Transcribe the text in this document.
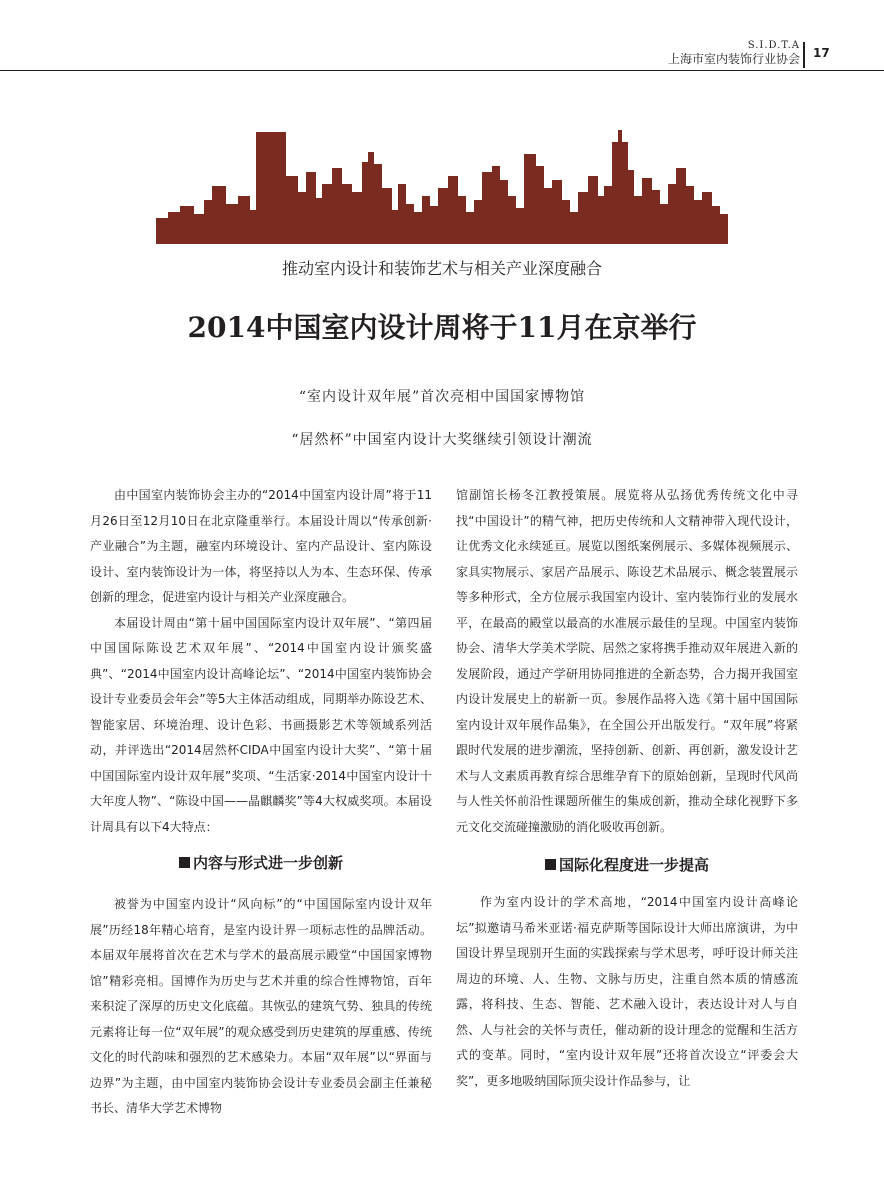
S.I.D.T.A
上海市室内装饰行业协会 17
推动室内设计和装饰艺术与相关产业深度融合
2014中国室内设计周将于11月在京举行
“室内设计双年展”首次亮相中国国家博物馆
“居然杯”中国室内设计大奖继续引领设计潮流

由中国室内装饰协会主办的“2014中国室内设计周”将于11月26日至12月10日在北京隆重举行。本届设计周以“传承创新·产业融合”为主题，融室内环境设计、室内产品设计、室内陈设设计、室内装饰设计为一体，将坚持以人为本、生态环保、传承创新的理念，促进室内设计与相关产业深度融合。

本届设计周由“第十届中国国际室内设计双年展”、“第四届中国国际陈设艺术双年展”、“2014中国室内设计颁奖盛典”、“2014中国室内设计高峰论坛”、“2014中国室内装饰协会设计专业委员会年会”等5大主体活动组成，同期举办陈设艺术、智能家居、环境治理、设计色彩、书画摄影艺术等领域系列活动，并评选出“2014居然杯CIDA中国室内设计大奖”、“第十届中国国际室内设计双年展”奖项、“生活家·2014中国室内设计十大年度人物”、“陈设中国——晶麒麟奖”等4大权威奖项。本届设计周具有以下4大特点：

内容与形式进一步创新

被誉为中国室内设计“风向标”的“中国国际室内设计双年展”历经18年精心培育，是室内设计界一项标志性的品牌活动。本届双年展将首次在艺术与学术的最高展示殿堂“中国国家博物馆”精彩亮相。国博作为历史与艺术并重的综合性博物馆，百年来积淀了深厚的历史文化底蕴。其恢弘的建筑气势、独具的传统元素将让每一位“双年展”的观众感受到历史建筑的厚重感、传统文化的时代韵味和强烈的艺术感染力。本届“双年展”以“界面与边界”为主题，由中国室内装饰协会设计专业委员会副主任兼秘书长、清华大学艺术博物

馆副馆长杨冬江教授策展。展览将从弘扬优秀传统文化中寻找“中国设计”的精气神，把历史传统和人文精神带入现代设计，让优秀文化永续延亘。展览以图纸案例展示、多媒体视频展示、家具实物展示、家居产品展示、陈设艺术品展示、概念装置展示等多种形式，全方位展示我国室内设计、室内装饰行业的发展水平，在最高的殿堂以最高的水准展示最佳的呈现。中国室内装饰协会、清华大学美术学院、居然之家将携手推动双年展进入新的发展阶段，通过产学研用协同推进的全新态势，合力揭开我国室内设计发展史上的崭新一页。参展作品将入选《第十届中国国际室内设计双年展作品集》，在全国公开出版发行。“双年展”将紧跟时代发展的进步潮流，坚持创新、创新、再创新，激发设计艺术与人文素质再教育综合思维孕育下的原始创新，呈现时代风尚与人性关怀前沿性课题所催生的集成创新，推动全球化视野下多元文化交流碰撞激励的消化吸收再创新。

国际化程度进一步提高

作为室内设计的学术高地，“2014中国室内设计高峰论坛”拟邀请马希米亚诺·福克萨斯等国际设计大师出席演讲，为中国设计界呈现别开生面的实践探索与学术思考，呼吁设计师关注周边的环境、人、生物、文脉与历史，注重自然本质的情感流露，将科技、生态、智能、艺术融入设计，表达设计对人与自然、人与社会的关怀与责任，催动新的设计理念的觉醒和生活方式的变革。同时，“室内设计双年展”还将首次设立“评委会大奖”，更多地吸纳国际顶尖设计作品参与，让
